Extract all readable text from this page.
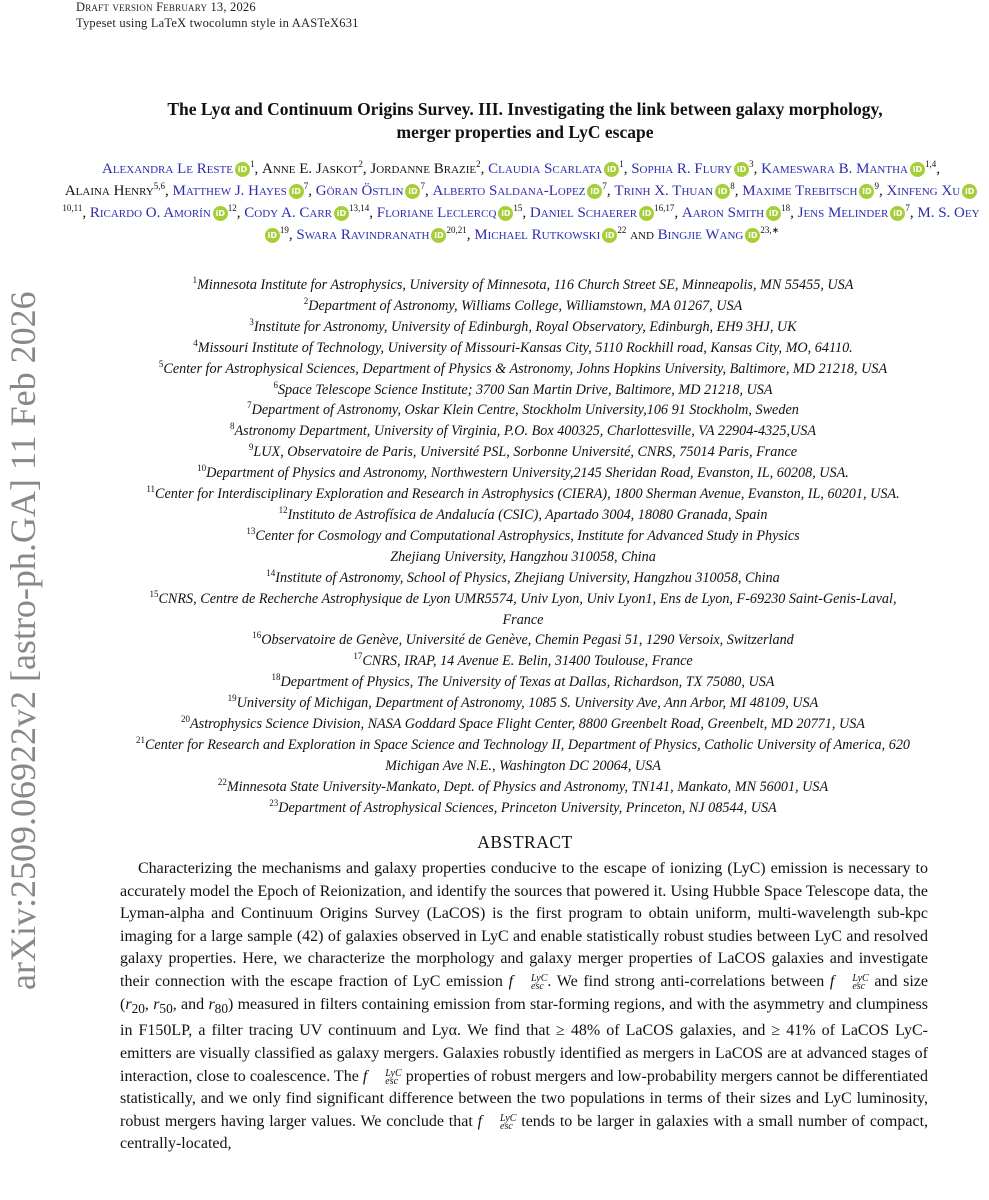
Draft version February 13, 2026
Typeset using LaTeX twocolumn style in AASTeX631
arXiv:2509.06922v2 [astro-ph.GA] 11 Feb 2026
The Lyα and Continuum Origins Survey. III. Investigating the link between galaxy morphology,
merger properties and LyC escape
Alexandra Le Reste $iD^1$, Anne E. Jaskot$^2$, Jordanne Brazie$^2$, Claudia Scarlata $iD^1$, Sophia R. Flury $iD^3$, Kameswara B. Mantha iD$^{1,4}$, Alaina Henry$^{5,6}$, Matthew J. Hayes $iD^7$, Göran Östlin $iD^7$, Alberto Saldana-Lopez $iD^7$, Trinh X. Thuan $iD^8$, Maxime Trebitsch $iD^9$, Xinfeng Xu iD$^{10,11}$, Ricardo O. Amorín $iD^{12}$, Cody A. Carr iD$^{13,14}$, Floriane Leclercq $iD^{15}$, Daniel Schaerer iD$^{16,17}$, Aaron Smith $iD^{18}$, Jens Melinder $iD^7$, M. S. OeyiD$^{19}$, Swara Ravindranath iD$^{20,21}$, Michael Rutkowski $iD^{22}$ and Bingjie Wang $iD^{23,∗}$
$^1$Minnesota Institute for Astrophysics, University of Minnesota, 116 Church Street SE, Minneapolis, MN 55455, USA
$^2$Department of Astronomy, Williams College, Williamstown, MA 01267, USA
$^3$Institute for Astronomy, University of Edinburgh, Royal Observatory, Edinburgh, EH9 3HJ, UK
$^4$Missouri Institute of Technology, University of Missouri-Kansas City, 5110 Rockhill road, Kansas City, MO, 64110.
$^5$Center for Astrophysical Sciences, Department of Physics & Astronomy, Johns Hopkins University, Baltimore, MD 21218, USA
$^6$Space Telescope Science Institute; 3700 San Martin Drive, Baltimore, MD 21218, USA
$^7$Department of Astronomy, Oskar Klein Centre, Stockholm University,106 91 Stockholm, Sweden
$^8$Astronomy Department, University of Virginia, P.O. Box 400325, Charlottesville, VA 22904-4325,USA
$^9$LUX, Observatoire de Paris, Université PSL, Sorbonne Université, CNRS, 75014 Paris, France
$^{10}$Department of Physics and Astronomy, Northwestern University,2145 Sheridan Road, Evanston, IL, 60208, USA.
$^{11}$Center for Interdisciplinary Exploration and Research in Astrophysics (CIERA), 1800 Sherman Avenue, Evanston, IL, 60201, USA.
$^{12}$Instituto de Astrofísica de Andalucía (CSIC), Apartado 3004, 18080 Granada, Spain
$^{13}$Center for Cosmology and Computational Astrophysics, Institute for Advanced Study in Physics
Zhejiang University, Hangzhou 310058, China
$^{14}$Institute of Astronomy, School of Physics, Zhejiang University, Hangzhou 310058, China
$^{15}$CNRS, Centre de Recherche Astrophysique de Lyon UMR5574, Univ Lyon, Univ Lyon1, Ens de Lyon, F-69230 Saint-Genis-Laval,
France
$^{16}$Observatoire de Genève, Université de Genève, Chemin Pegasi 51, 1290 Versoix, Switzerland
$^{17}$CNRS, IRAP, 14 Avenue E. Belin, 31400 Toulouse, France
$^{18}$Department of Physics, The University of Texas at Dallas, Richardson, TX 75080, USA
$^{19}$University of Michigan, Department of Astronomy, 1085 S. University Ave, Ann Arbor, MI 48109, USA
$^{20}$Astrophysics Science Division, NASA Goddard Space Flight Center, 8800 Greenbelt Road, Greenbelt, MD 20771, USA
$^{21}$Center for Research and Exploration in Space Science and Technology II, Department of Physics, Catholic University of America, 620
Michigan Ave N.E., Washington DC 20064, USA
$^{22}$Minnesota State University-Mankato, Dept. of Physics and Astronomy, TN141, Mankato, MN 56001, USA
$^{23}$Department of Astrophysical Sciences, Princeton University, Princeton, NJ 08544, USA
ABSTRACT
Characterizing the mechanisms and galaxy properties conducive to the escape of ionizing (LyC) emission is necessary to accurately model the Epoch of Reionization, and identify the sources that powered it. Using Hubble Space Telescope data, the Lyman-alpha and Continuum Origins Survey (LaCOS) is the first program to obtain uniform, multi-wavelength sub-kpc imaging for a large sample (42) of galaxies observed in LyC and enable statistically robust studies between LyC and resolved galaxy properties. Here, we characterize the morphology and galaxy merger properties of LaCOS galaxies and investigate their connection with the escape fraction of LyC emission f	LyC
esc . We find strong anti-correlations between f	LyC
esc and size ($r_{20}$, $r_{50}$, and $r_{80}$) measured in filters containing emission from star-forming regions, and with the asymmetry and clumpiness in F150LP, a filter tracing UV continuum and Lyα. We find that ≥ 48% of LaCOS galaxies, and ≥ 41% of LaCOS LyC-emitters are visually classified as galaxy mergers. Galaxies robustly identified as mergers in LaCOS are at advanced stages of interaction, close to coalescence. The f	LyC
esc properties of robust mergers and low-probability mergers cannot be differentiated statistically, and we only find significant difference between the two populations in terms of their sizes and LyC luminosity, robust mergers having larger values. We conclude that f	LyC
esc tends to be larger in galaxies with a small number of compact, centrally-located,
